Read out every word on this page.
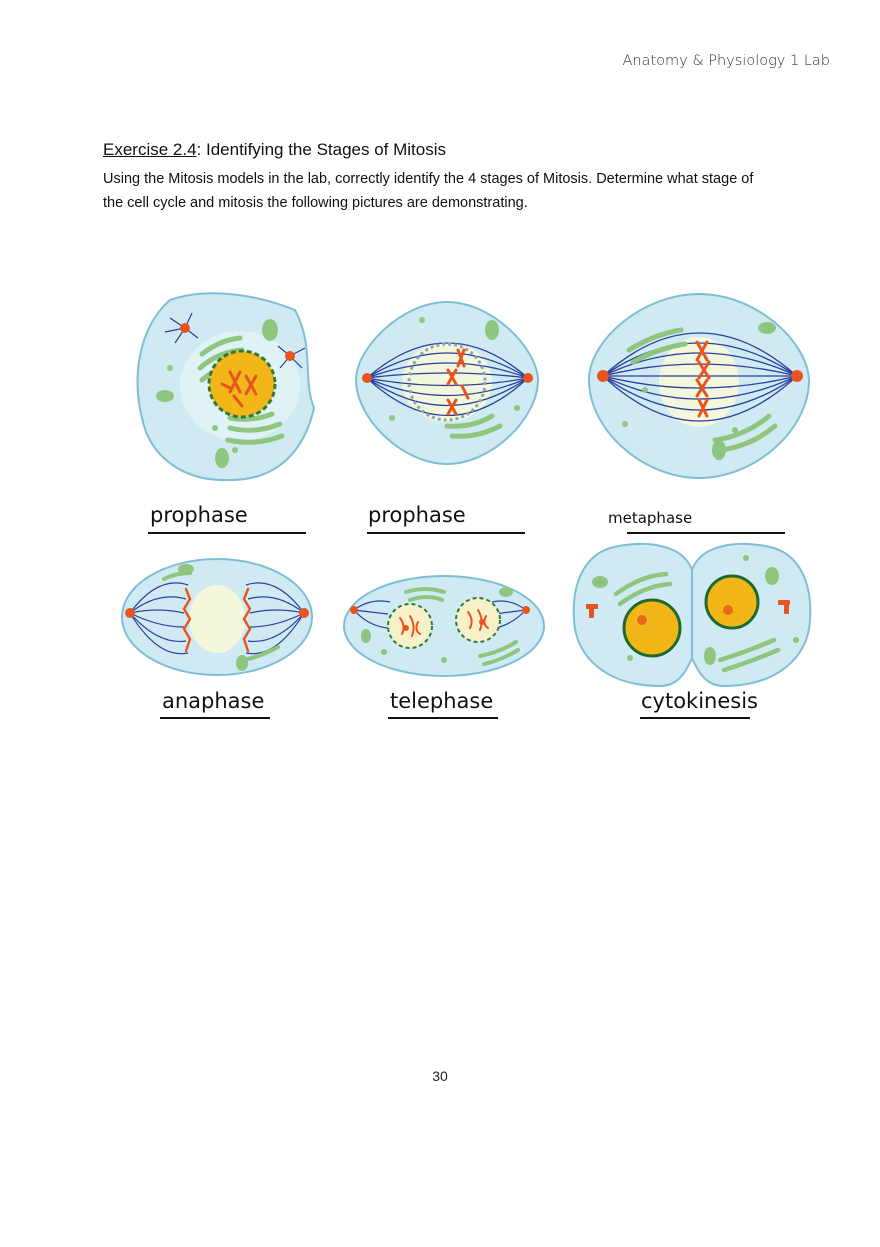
Anatomy & Physiology 1 Lab
Exercise 2.4: Identifying the Stages of Mitosis

Using the Mitosis models in the lab, correctly identify the 4 stages of Mitosis. Determine what stage of

the cell cycle and mitosis the following pictures are demonstrating.

prophase	prophase	metaphase
anaphase	telephase	cytokinesis
30
